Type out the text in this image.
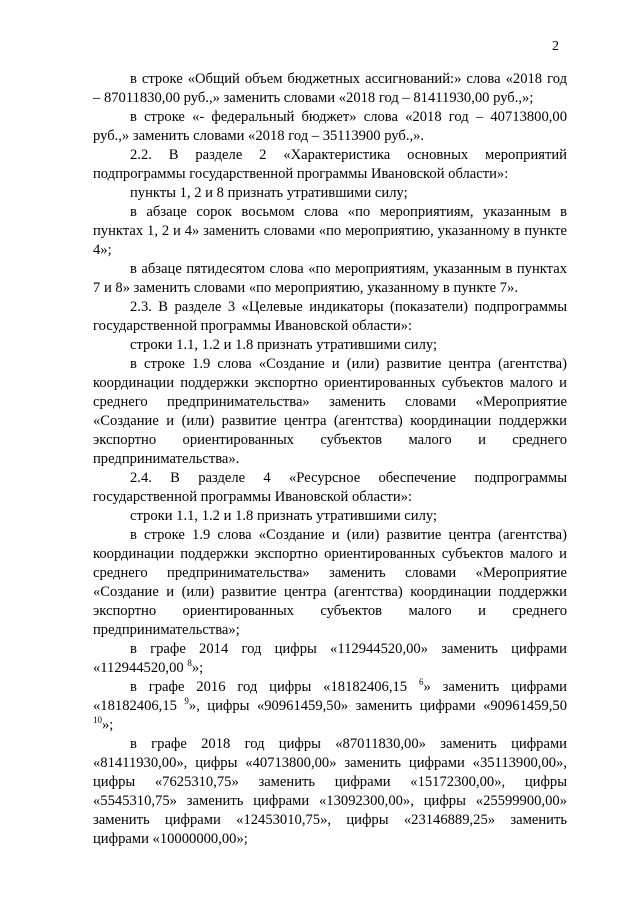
2

в строке «Общий объем бюджетных ассигнований:» слова «2018 год – 87011830,00 руб.,» заменить словами «2018 год – 81411930,00 руб.,»;

в строке «- федеральный бюджет» слова «2018 год – 40713800,00 руб.,» заменить словами «2018 год – 35113900 руб.,».

2.2. В разделе 2 «Характеристика основных мероприятий подпрограммы государственной программы Ивановской области»:

пункты 1, 2 и 8 признать утратившими силу;

в абзаце сорок восьмом слова «по мероприятиям, указанным в пунктах 1, 2 и 4» заменить словами «по мероприятию, указанному в пункте 4»;

в абзаце пятидесятом слова «по мероприятиям, указанным в пунктах 7 и 8» заменить словами «по мероприятию, указанному в пункте 7».

2.3. В разделе 3 «Целевые индикаторы (показатели) подпрограммы государственной программы Ивановской области»:

строки 1.1, 1.2 и 1.8 признать утратившими силу;

в строке 1.9 слова «Создание и (или) развитие центра (агентства) координации поддержки экспортно ориентированных субъектов малого и среднего предпринимательства» заменить словами «Мероприятие «Создание и (или) развитие центра (агентства) координации поддержки экспортно ориентированных субъектов малого и среднего предпринимательства».

2.4. В разделе 4 «Ресурсное обеспечение подпрограммы государственной программы Ивановской области»:

строки 1.1, 1.2 и 1.8 признать утратившими силу;

в строке 1.9 слова «Создание и (или) развитие центра (агентства) координации поддержки экспортно ориентированных субъектов малого и среднего предпринимательства» заменить словами «Мероприятие «Создание и (или) развитие центра (агентства) координации поддержки экспортно ориентированных субъектов малого и среднего предпринимательства»;

в графе 2014 год цифры «112944520,00» заменить цифрами «112944520,00 $^8$»;

в графе 2016 год цифры «18182406,15 $^6$» заменить цифрами «18182406,15 $^9$», цифры «90961459,50» заменить цифрами «90961459,50 $^{10}$»;

в графе 2018 год цифры «87011830,00» заменить цифрами «81411930,00», цифры «40713800,00» заменить цифрами «35113900,00», цифры «7625310,75» заменить цифрами «15172300,00», цифры «5545310,75» заменить цифрами «13092300,00», цифры «25599900,00» заменить цифрами «12453010,75», цифры «23146889,25» заменить цифрами «10000000,00»;
